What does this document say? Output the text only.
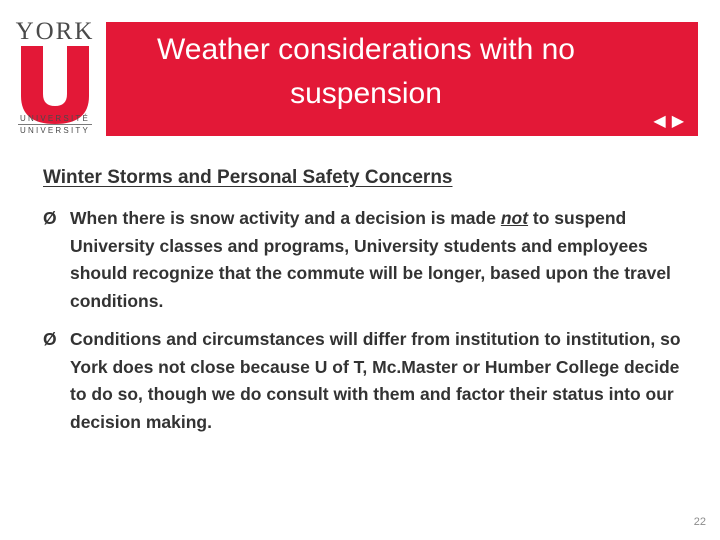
YORK
UNIVERSITÉ
UNIVERSITY
Weather considerations with no
suspension
◀ ▶
Winter Storms and Personal Safety Concerns
Ø When there is snow activity and a decision is made not to suspend University classes and programs, University students and employees should recognize that the commute will be longer, based upon the travel conditions.
Ø Conditions and circumstances will differ from institution to institution, so York does not close because U of T, Mc.Master or Humber College decide to do so, though we do consult with them and factor their status into our decision making.
22
